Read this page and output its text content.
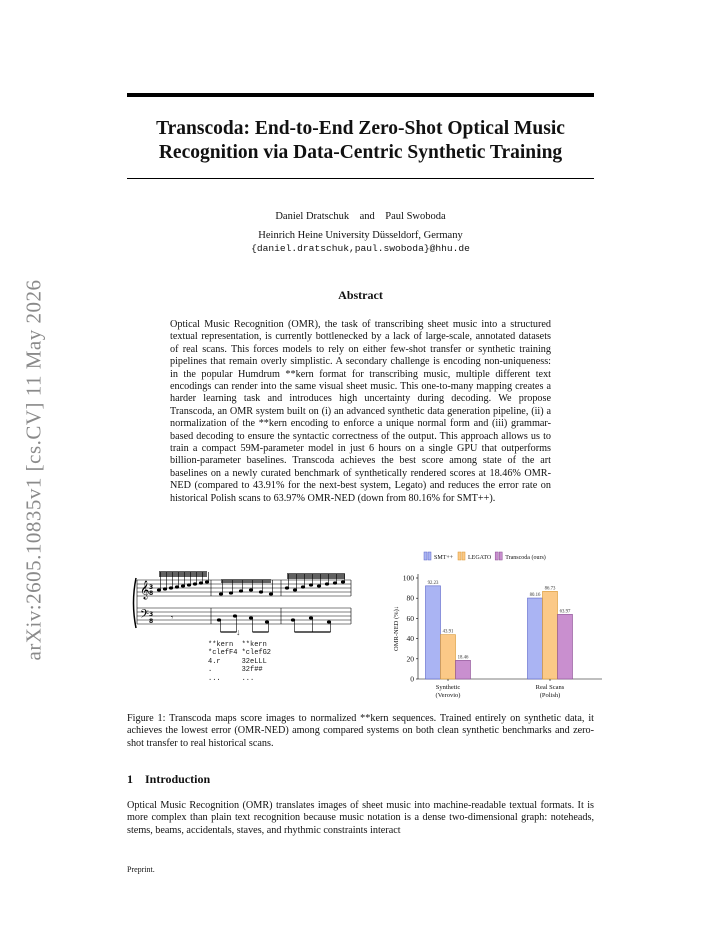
arXiv:2605.10835v1 [cs.CV] 11 May 2026
Transcoda: End-to-End Zero-Shot Optical Music
Recognition via Data-Centric Synthetic Training
Daniel Dratschuk    and    Paul Swoboda
Heinrich Heine University Düsseldorf, Germany
{daniel.dratschuk,paul.swoboda}@hhu.de
Abstract
Optical Music Recognition (OMR), the task of transcribing sheet music into a structured textual representation, is currently bottlenecked by a lack of large-scale, annotated datasets of real scans. This forces models to rely on either few-shot transfer or synthetic training pipelines that remain overly simplistic. A secondary challenge is encoding non-uniqueness: in the popular Humdrum **kern format for transcribing music, multiple different text encodings can render into the same visual sheet music. This one-to-many mapping creates a harder learning task and introduces high uncertainty during decoding. We propose Transcoda, an OMR system built on (i) an advanced synthetic data generation pipeline, (ii) a normalization of the **kern encoding to enforce a unique normal form and (iii) grammar-based decoding to ensure the syntactic correctness of the output. This approach allows us to train a compact 59M-parameter model in just 6 hours on a single GPU that outperforms billion-parameter baselines. Transcoda achieves the best score among state of the art baselines on a newly curated benchmark of synthetically rendered scores at 18.46% OMR-NED (compared to 43.91% for the next-best system, Legato) and reduces the error rate on historical Polish scans to 63.97% OMR-NED (down from 80.16% for SMT++).
𝄞
𝄢
3
8
3
8 𝄾
↓
**kern  **kern
*clefF4 *clefG2
4.r     32eLLL
.       32f##
...     ...
SMT++ LEGATO Transcoda (ours)
0
20
40
60
80
100
OMR-NED (%)↓
92.23
43.91
18.46
Synthetic
(Verovio)
80.16
86.73
63.97
Real Scans
(Polish)
Figure 1: Transcoda maps score images to normalized **kern sequences. Trained entirely on synthetic data, it achieves the lowest error (OMR-NED) among compared systems on both clean synthetic benchmarks and zero-shot transfer to real historical scans.
1 Introduction
Optical Music Recognition (OMR) translates images of sheet music into machine-readable textual formats. It is more complex than plain text recognition because music notation is a dense two-dimensional graph: noteheads, stems, beams, accidentals, staves, and rhythmic constraints interact
Preprint.
